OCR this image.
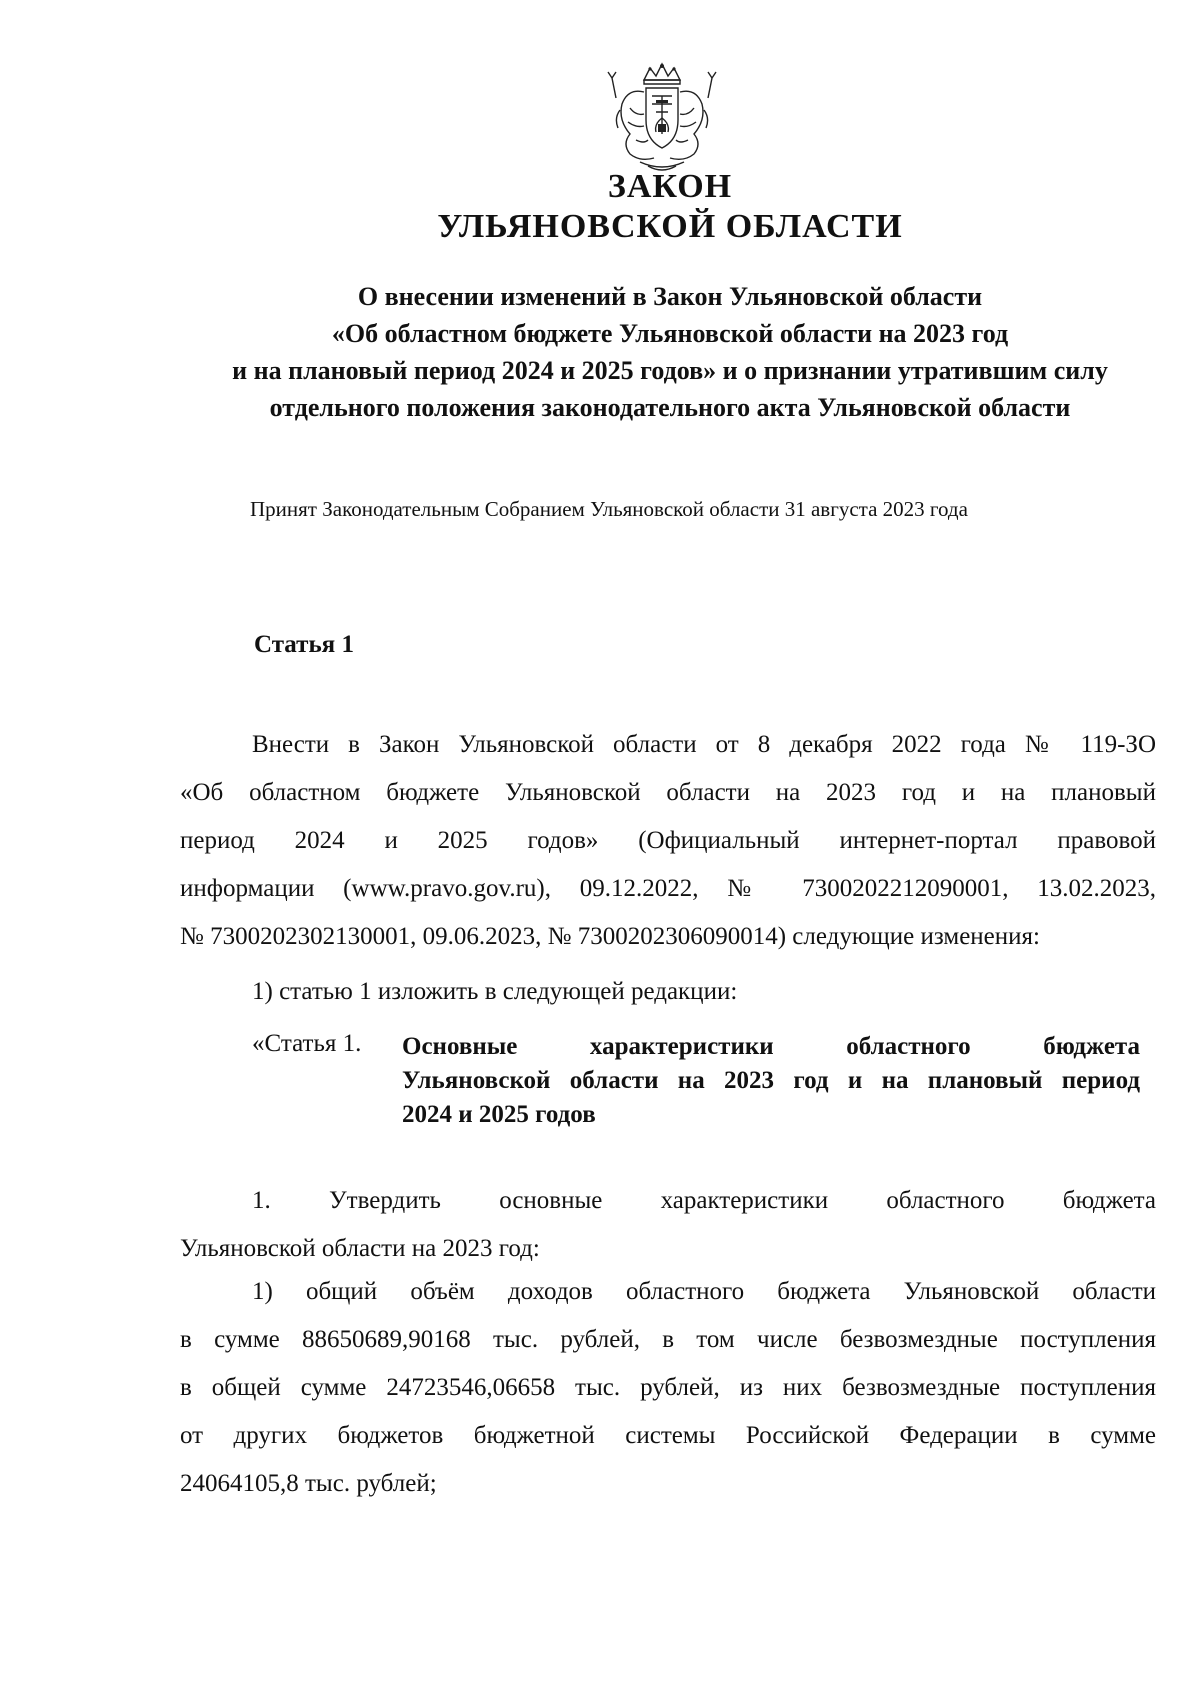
ЗАКОН
УЛЬЯНОВСКОЙ ОБЛАСТИ
О внесении изменений в Закон Ульяновской области
«Об областном бюджете Ульяновской области на 2023 год
и на плановый период 2024 и 2025 годов» и о признании утратившим силу
отдельного положения законодательного акта Ульяновской области
Принят Законодательным Собранием Ульяновской области 31 августа 2023 года
Статья 1
Внести в Закон Ульяновской области от 8 декабря 2022 года № 119-ЗО
«Об областном бюджете Ульяновской области на 2023 год и на плановый
период 2024 и 2025 годов» (Официальный интернет-портал правовой
информации (www.pravo.gov.ru), 09.12.2022, № 7300202212090001, 13.02.2023,
№ 7300202302130001, 09.06.2023, № 7300202306090014) следующие изменения:
1) статью 1 изложить в следующей редакции:
«Статья 1. Основные характеристики областного бюджета
Ульяновской области на 2023 год и на плановый период
2024 и 2025 годов
1. Утвердить основные характеристики областного бюджета
Ульяновской области на 2023 год:
1) общий объём доходов областного бюджета Ульяновской области
в сумме 88650689,90168 тыс. рублей, в том числе безвозмездные поступления
в общей сумме 24723546,06658 тыс. рублей, из них безвозмездные поступления
от других бюджетов бюджетной системы Российской Федерации в сумме
24064105,8 тыс. рублей;
